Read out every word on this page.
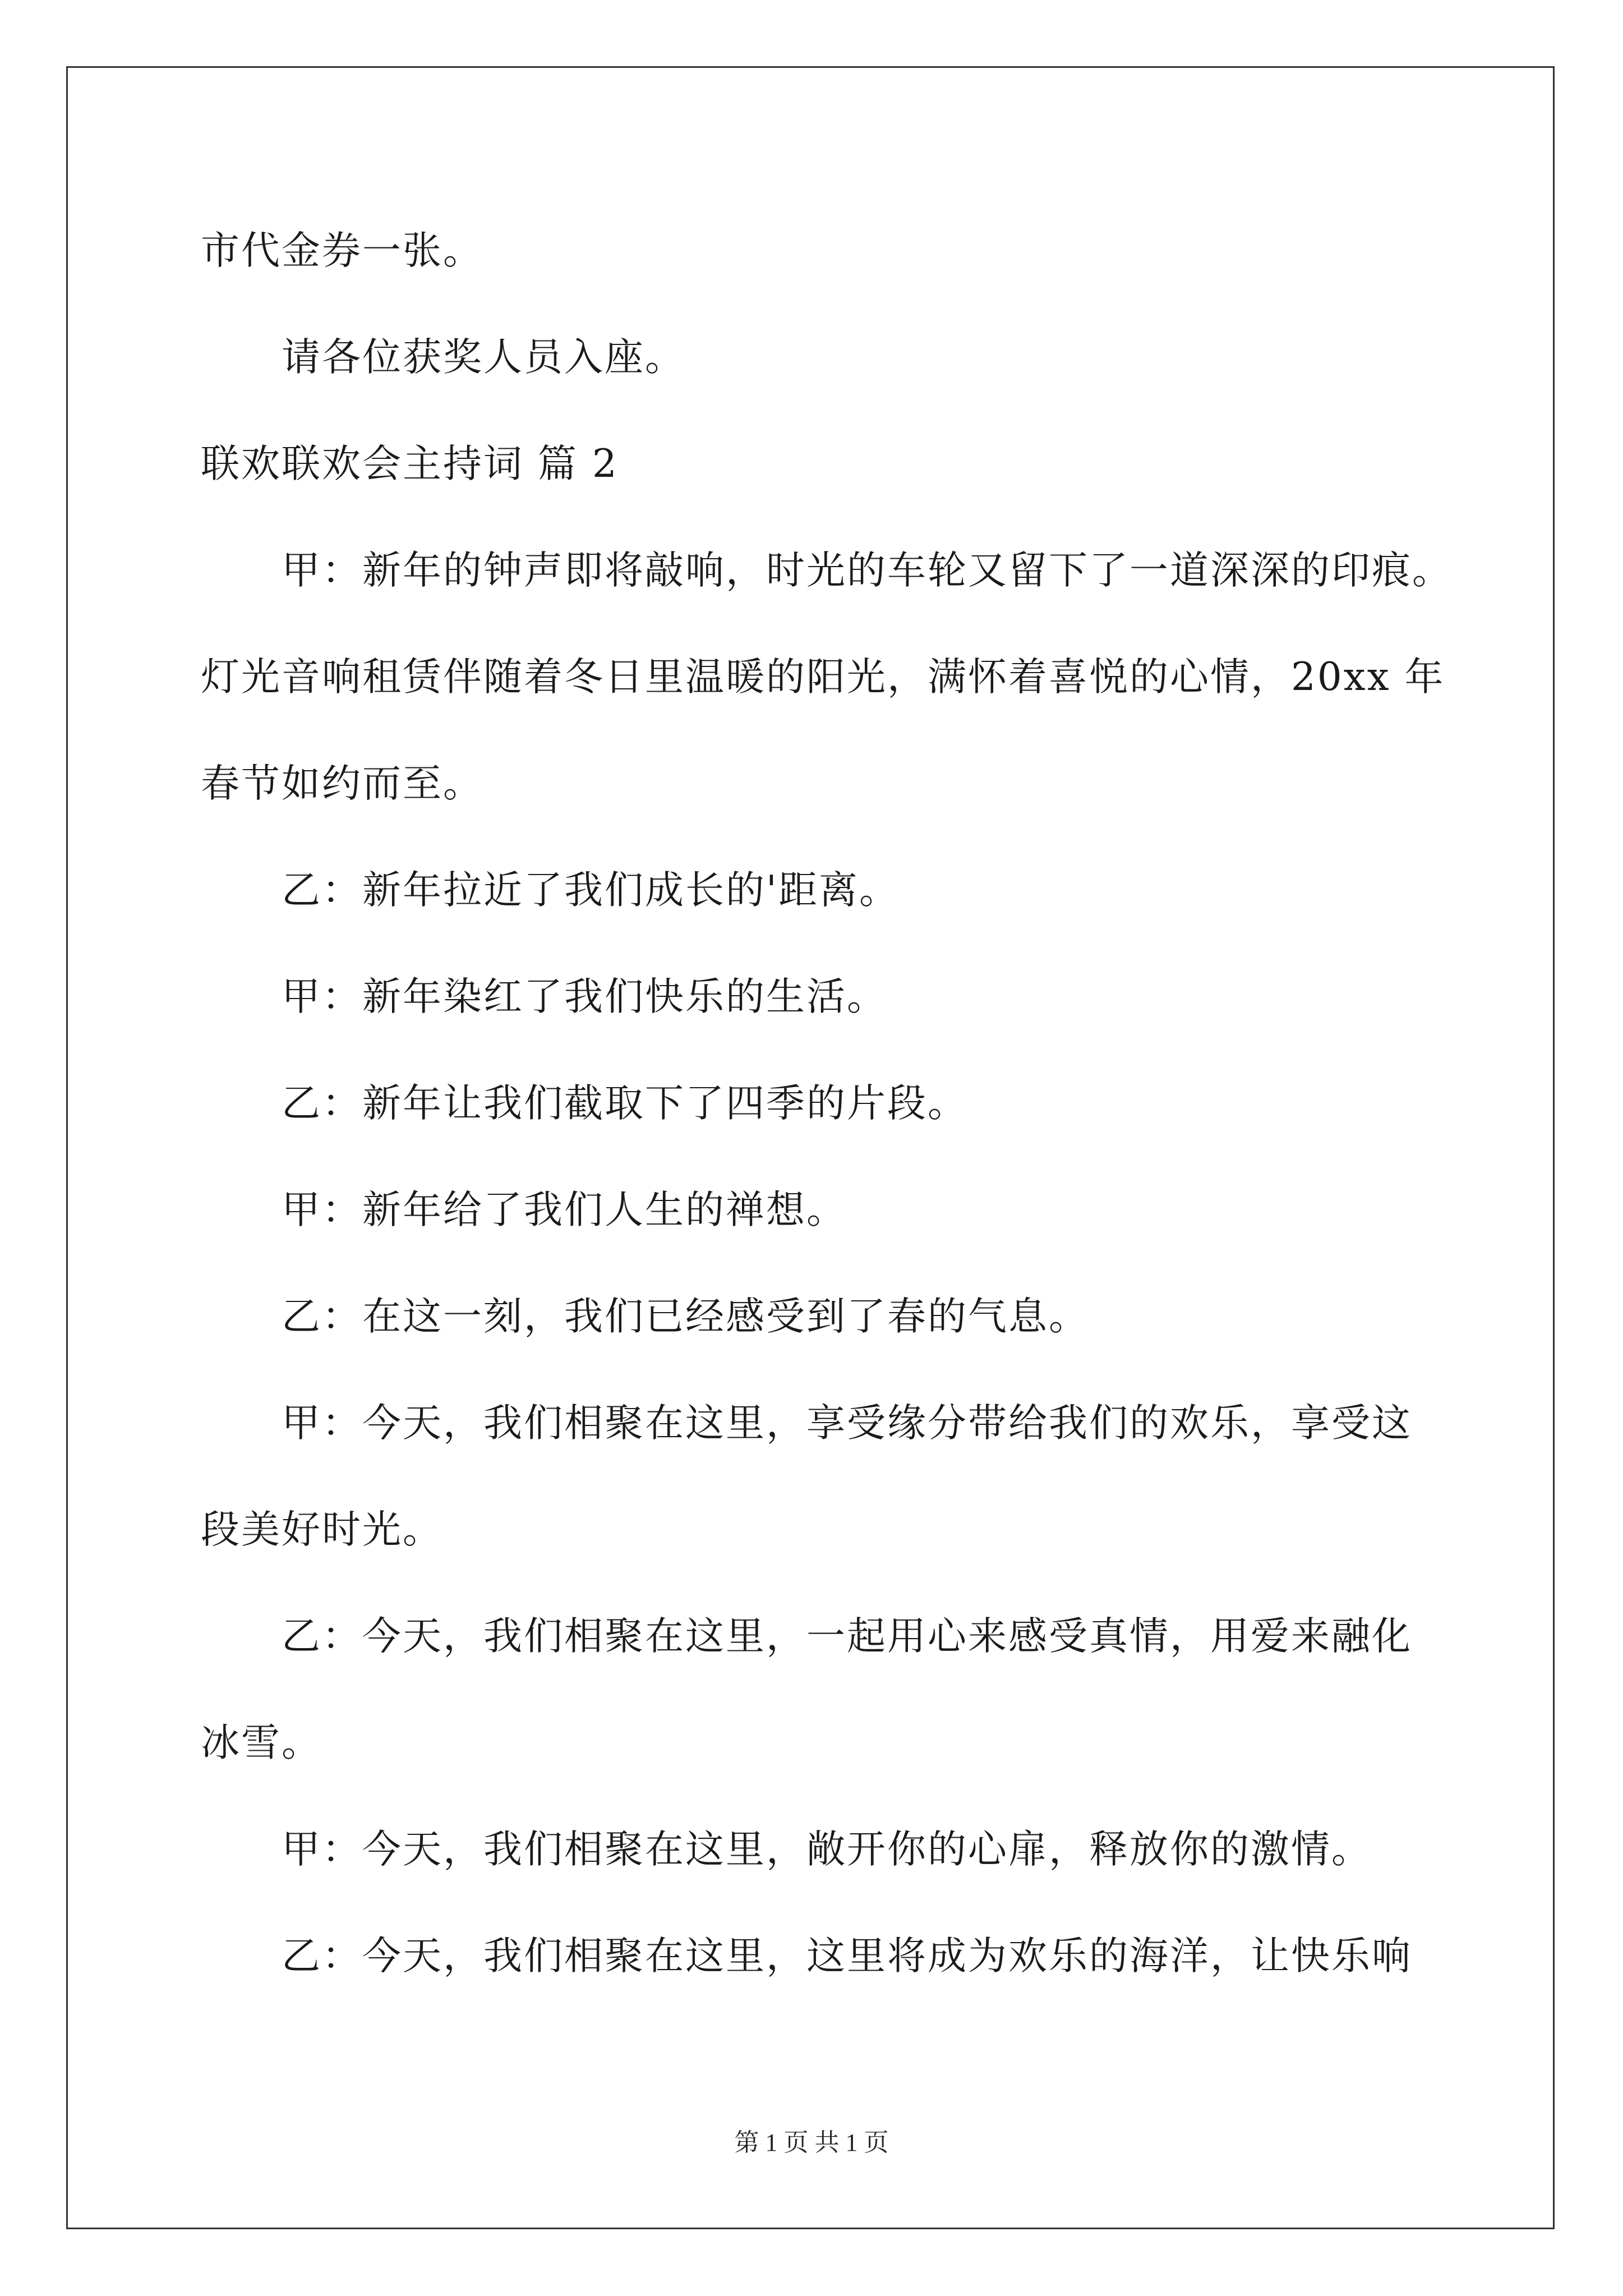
市代金券一张。
请各位获奖人员入座。
联欢联欢会主持词 篇 2
甲：新年的钟声即将敲响，时光的车轮又留下了一道深深的印痕。
灯光音响租赁伴随着冬日里温暖的阳光，满怀着喜悦的心情，20xx 年
春节如约而至。
乙：新年拉近了我们成长的'距离。
甲：新年染红了我们快乐的生活。
乙：新年让我们截取下了四季的片段。
甲：新年给了我们人生的禅想。
乙：在这一刻，我们已经感受到了春的气息。
甲：今天，我们相聚在这里，享受缘分带给我们的欢乐，享受这
段美好时光。
乙：今天，我们相聚在这里，一起用心来感受真情，用爱来融化
冰雪。
甲：今天，我们相聚在这里，敞开你的心扉，释放你的激情。
乙：今天，我们相聚在这里，这里将成为欢乐的海洋，让快乐响
第 1 页 共 1 页
